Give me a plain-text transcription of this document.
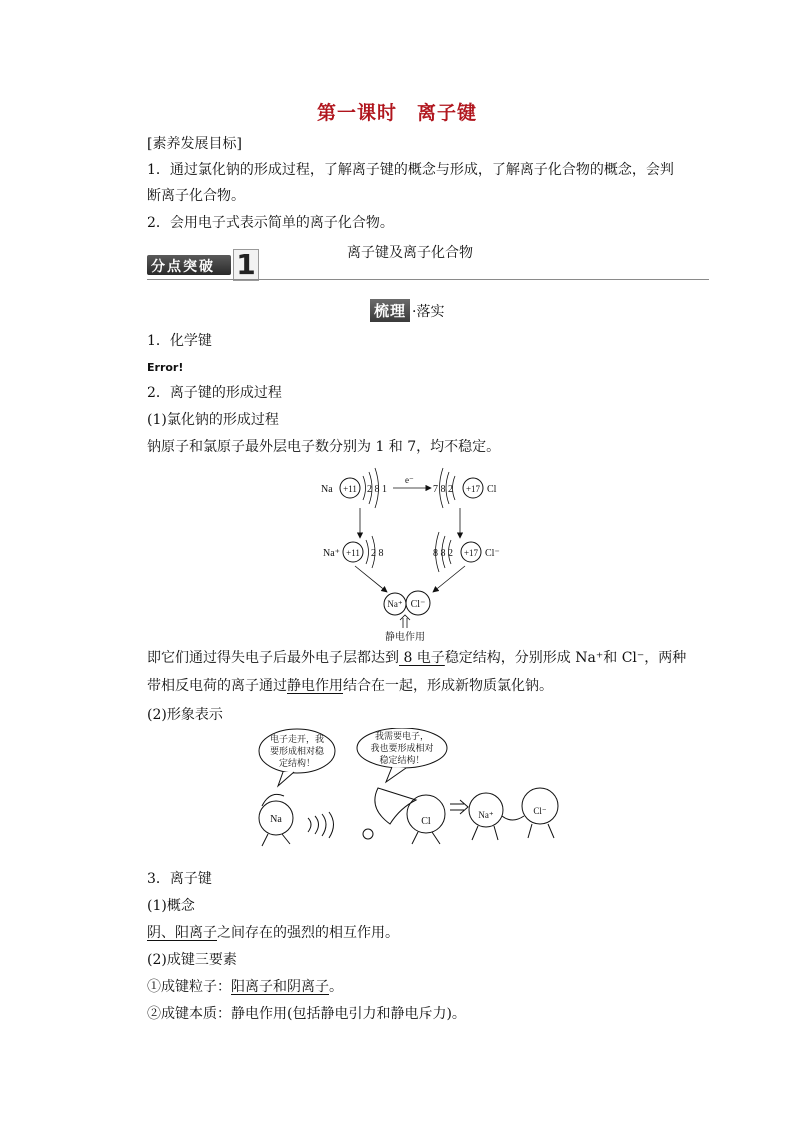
第一课时　离子键
[素养发展目标]
1．通过氯化钠的形成过程，了解离子键的概念与形成，了解离子化合物的概念，会判
断离子化合物。
2．会用电子式表示简单的离子化合物。
分点突破 1	离子键及离子化合物
梳理 ·落实
1．化学键
Error!
2．离子键的形成过程
(1)氯化钠的形成过程
钠原子和氯原子最外层电子数分别为 1 和 7，均不稳定。
Na +11 2 8 1
e⁻
7 8 2 +17 Cl
Na⁺ +11 2 8	8 8 2 +17 Cl⁻
Na⁺ Cl⁻
静电作用
即它们通过得失电子后最外电子层都达到 8 电子稳定结构，分别形成 Na⁺和 Cl⁻，两种
带相反电荷的离子通过静电作用结合在一起，形成新物质氯化钠。
(2)形象表示
电子走开，我
要形成相对稳
定结构！
我需要电子，
我也要形成相对
稳定结构！
Na	Cl
Na⁺	Cl⁻
3．离子键
(1)概念
阴、阳离子之间存在的强烈的相互作用。
(2)成键三要素
①成键粒子：阳离子和阴离子。
②成键本质：静电作用(包括静电引力和静电斥力)。
